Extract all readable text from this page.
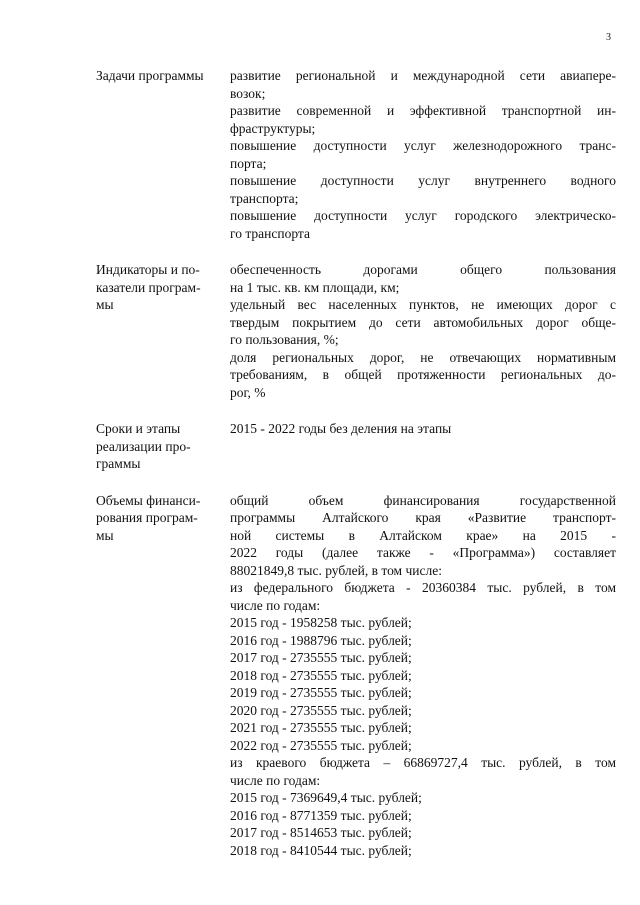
3
Задачи программы	развитие региональной и международной сети авиапере-
возок;
развитие современной и эффективной транспортной ин-
фраструктуры;
повышение доступности услуг железнодорожного транс-
порта;
повышение доступности услуг внутреннего водного
транспорта;
повышение доступности услуг городского электрическо-
го транспорта
Индикаторы и по-
казатели програм-
мы
обеспеченность дорогами общего пользования
на 1 тыс. кв. км площади, км;
удельный вес населенных пунктов, не имеющих дорог с
твердым покрытием до сети автомобильных дорог обще-
го пользования, %;
доля региональных дорог, не отвечающих нормативным
требованиям, в общей протяженности региональных до-
рог, %
Сроки и этапы
реализации про-
граммы
2015 - 2022 годы без деления на этапы
Объемы финанси-
рования програм-
мы
общий объем финансирования государственной
программы Алтайского края «Развитие транспорт-
ной системы в Алтайском крае» на 2015 -
2022 годы (далее также - «Программа») составляет
88021849,8 тыс. рублей, в том числе:
из федерального бюджета - 20360384 тыс. рублей, в том
числе по годам:
2015 год - 1958258 тыс. рублей;
2016 год - 1988796 тыс. рублей;
2017 год - 2735555 тыс. рублей;
2018 год - 2735555 тыс. рублей;
2019 год - 2735555 тыс. рублей;
2020 год - 2735555 тыс. рублей;
2021 год - 2735555 тыс. рублей;
2022 год - 2735555 тыс. рублей;
из краевого бюджета – 66869727,4 тыс. рублей, в том
числе по годам:
2015 год - 7369649,4 тыс. рублей;
2016 год - 8771359 тыс. рублей;
2017 год - 8514653 тыс. рублей;
2018 год - 8410544 тыс. рублей;
